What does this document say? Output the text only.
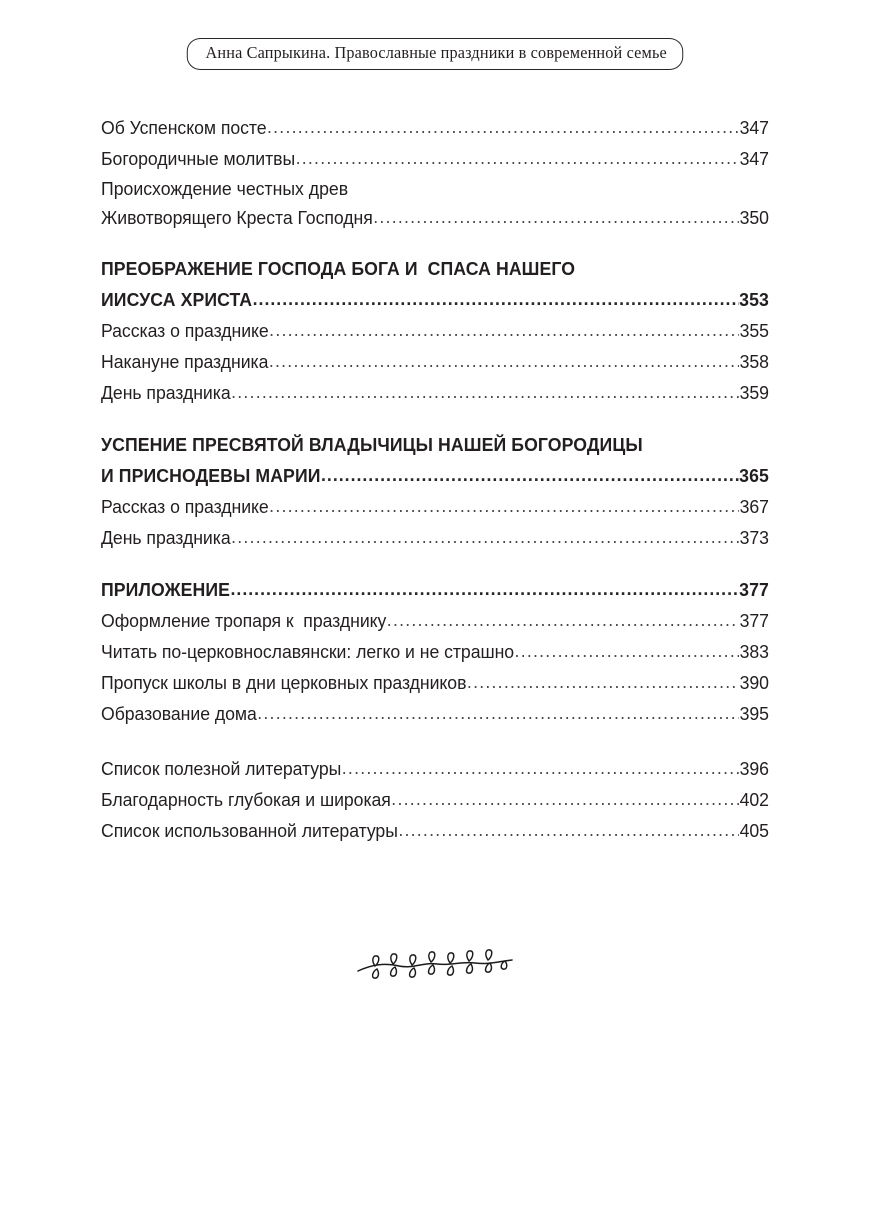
Анна Сапрыкина. Православные праздники в современной семье
Об Успенском посте .....	347
Богородичные молитвы .....	347
Происхождение честных древ
Животворящего Креста Господня .....	350
ПРЕОБРАЖЕНИЕ ГОСПОДА БОГА И  СПАСА НАШЕГО
ИИСУСА ХРИСТА .....	353
Рассказ о празднике .....	355
Накануне праздника .....	358
День праздника .....	359
УСПЕНИЕ ПРЕСВЯТОЙ ВЛАДЫЧИЦЫ НАШЕЙ БОГОРОДИЦЫ
И ПРИСНОДЕВЫ МАРИИ .....	365
Рассказ о празднике .....	367
День праздника .....	373
ПРИЛОЖЕНИЕ .....	377
Оформление тропаря к  празднику .....	377
Читать по-церковнославянски: легко и не страшно .....	383
Пропуск школы в дни церковных праздников .....	390
Образование дома .....	395
Список полезной литературы .....	396
Благодарность глубокая и широкая .....	402
Список использованной литературы .....	405
